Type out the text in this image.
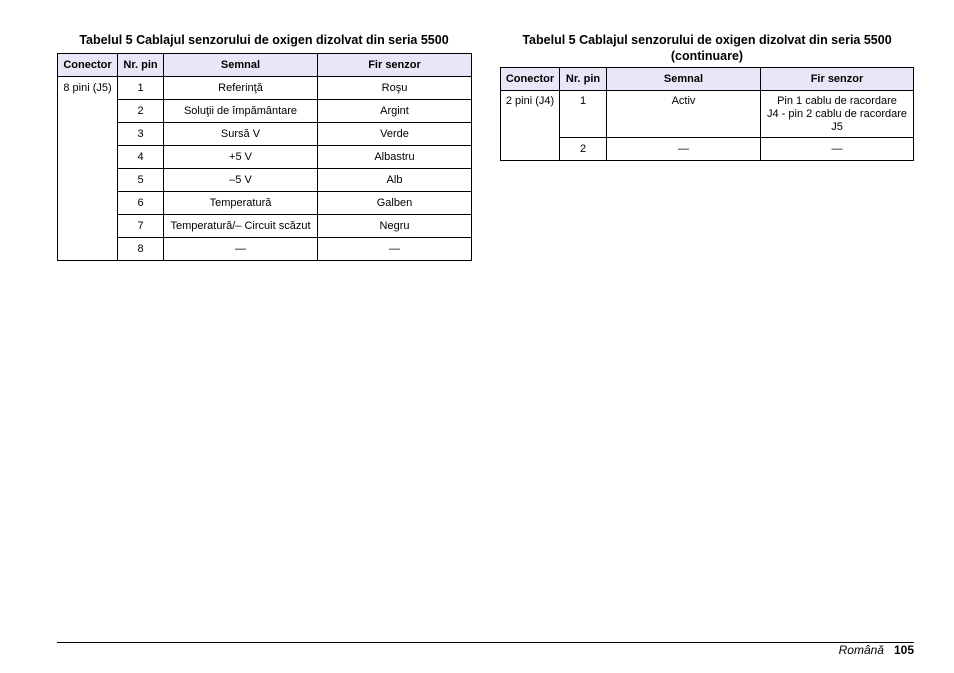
Tabelul 5 Cablajul senzorului de oxigen dizolvat din seria 5500
Conector	Nr. pin	Semnal	Fir senzor
8 pini (J5)	1	Referinţă	Roşu
	2	Soluţii de împământare	Argint
	3	Sursă V	Verde
	4	+5 V	Albastru
	5	–5 V	Alb
	6	Temperatură	Galben
	7	Temperatură/– Circuit scăzut	Negru
	8	—	—
Tabelul 5 Cablajul senzorului de oxigen dizolvat din seria 5500
(continuare)
Conector	Nr. pin	Semnal	Fir senzor
2 pini (J4)	1	Activ	Pin 1 cablu de racordare
J4 - pin 2 cablu de racordare
J5

	2	—	—
Română 105
